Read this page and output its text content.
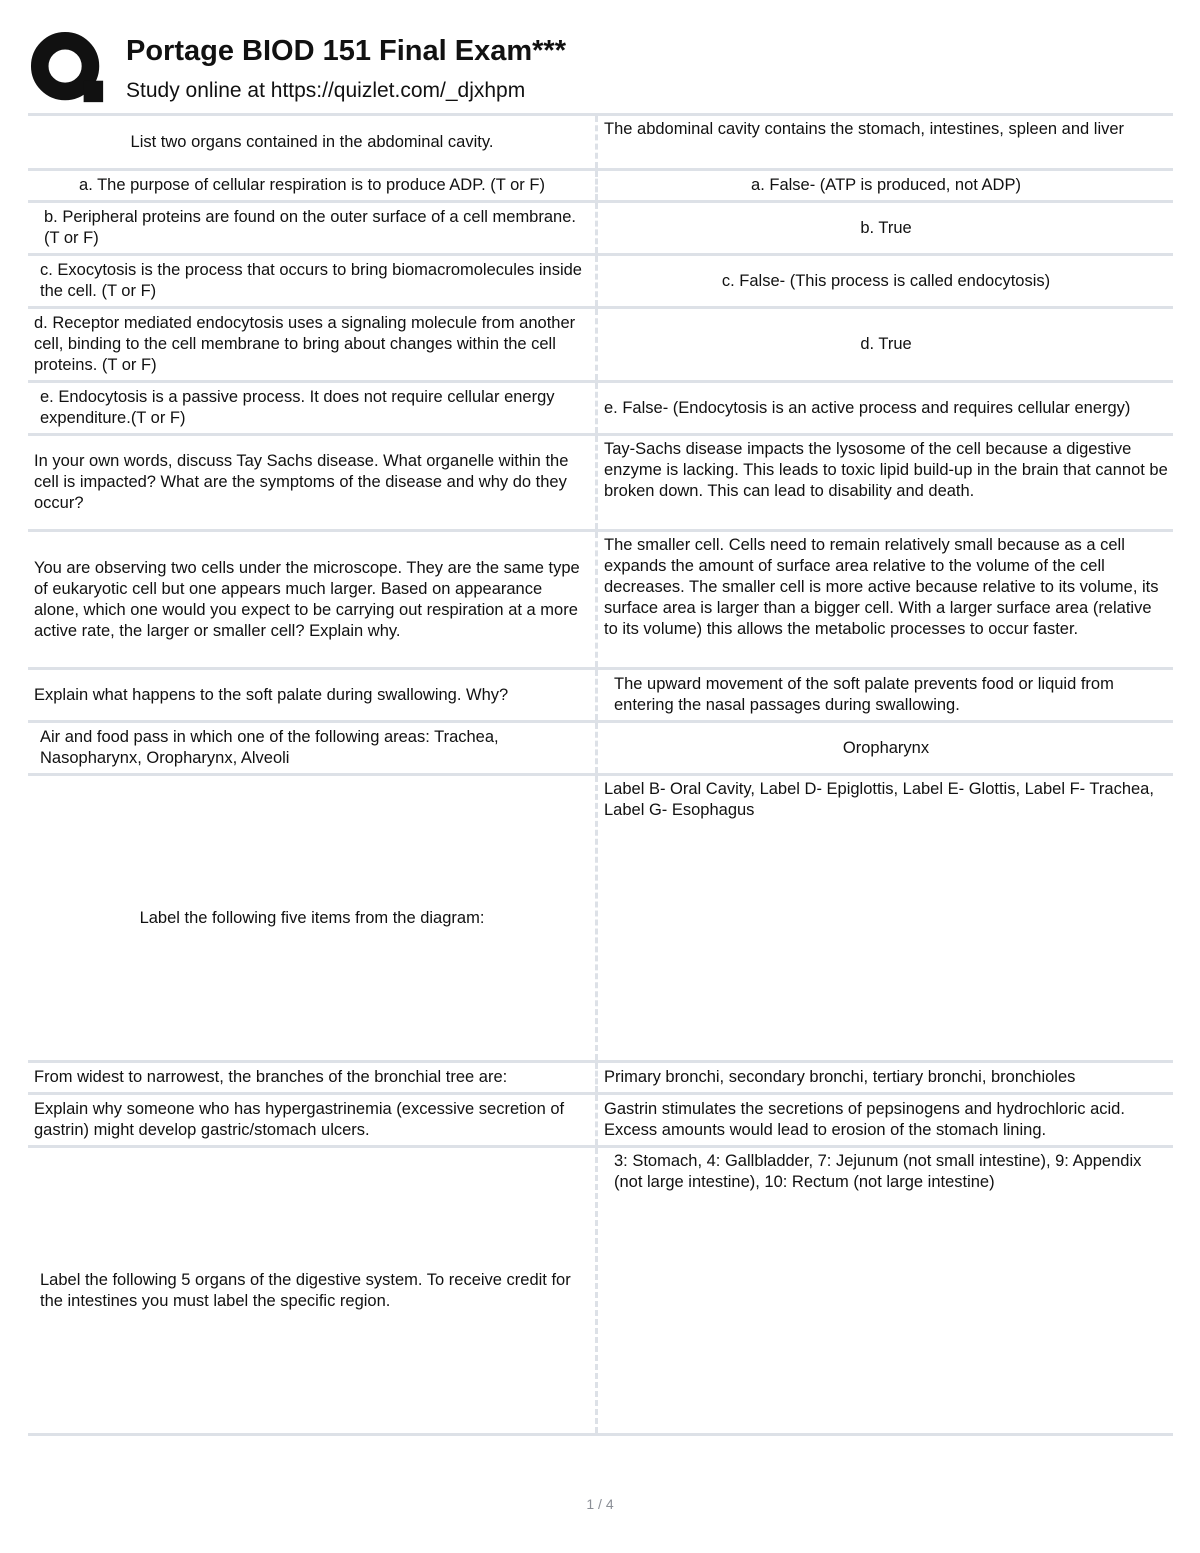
Portage BIOD 151 Final Exam***
Study online at https://quizlet.com/_djxhpm
List two organs contained in the abdominal cavity.
The abdominal cavity contains the stomach, intestines, spleen and liver
a. The purpose of cellular respiration is to produce ADP. (T or F)	a. False- (ATP is produced, not ADP)
b. Peripheral proteins are found on the outer surface of a cell membrane. (T or F)
b. True
c. Exocytosis is the process that occurs to bring biomacromolecules inside the cell. (T or F)
c. False- (This process is called endocytosis)
d. Receptor mediated endocytosis uses a signaling molecule from another cell, binding to the cell membrane to bring about changes within the cell proteins. (T or F)
d. True
e. Endocytosis is a passive process. It does not require cellular energy expenditure.(T or F)
e. False- (Endocytosis is an active process and requires cellular energy)
In your own words, discuss Tay Sachs disease. What organelle within the cell is impacted? What are the symptoms of the disease and why do they occur?
Tay-Sachs disease impacts the lysosome of the cell because a digestive enzyme is lacking. This leads to toxic lipid build-up in the brain that cannot be broken down. This can lead to disability and death.
You are observing two cells under the microscope. They are the same type of eukaryotic cell but one appears much larger. Based on appearance alone, which one would you expect to be carrying out respiration at a more active rate, the larger or smaller cell? Explain why.
The smaller cell. Cells need to remain relatively small because as a cell expands the amount of surface area relative to the volume of the cell decreases. The smaller cell is more active because relative to its volume, its surface area is larger than a bigger cell. With a larger surface area (relative to its volume) this allows the metabolic processes to occur faster.
Explain what happens to the soft palate during swallowing. Why?
The upward movement of the soft palate prevents food or liquid from entering the nasal passages during swallowing.
Air and food pass in which one of the following areas: Trachea, Nasopharynx, Oropharynx, Alveoli
Oropharynx
Label the following five items from the diagram:
Label B- Oral Cavity, Label D- Epiglottis, Label E- Glottis, Label F- Trachea, Label G- Esophagus
From widest to narrowest, the branches of the bronchial tree are:	Primary bronchi, secondary bronchi, tertiary bronchi, bronchioles
Explain why someone who has hypergastrinemia (excessive secretion of gastrin) might develop gastric/stomach ulcers.
Gastrin stimulates the secretions of pepsinogens and hydrochloric acid. Excess amounts would lead to erosion of the stomach lining.
Label the following 5 organs of the digestive system. To receive credit for the intestines you must label the specific region.
3: Stomach, 4: Gallbladder, 7: Jejunum (not small intestine), 9: Appendix (not large intestine), 10: Rectum (not large intestine)
1 / 4
